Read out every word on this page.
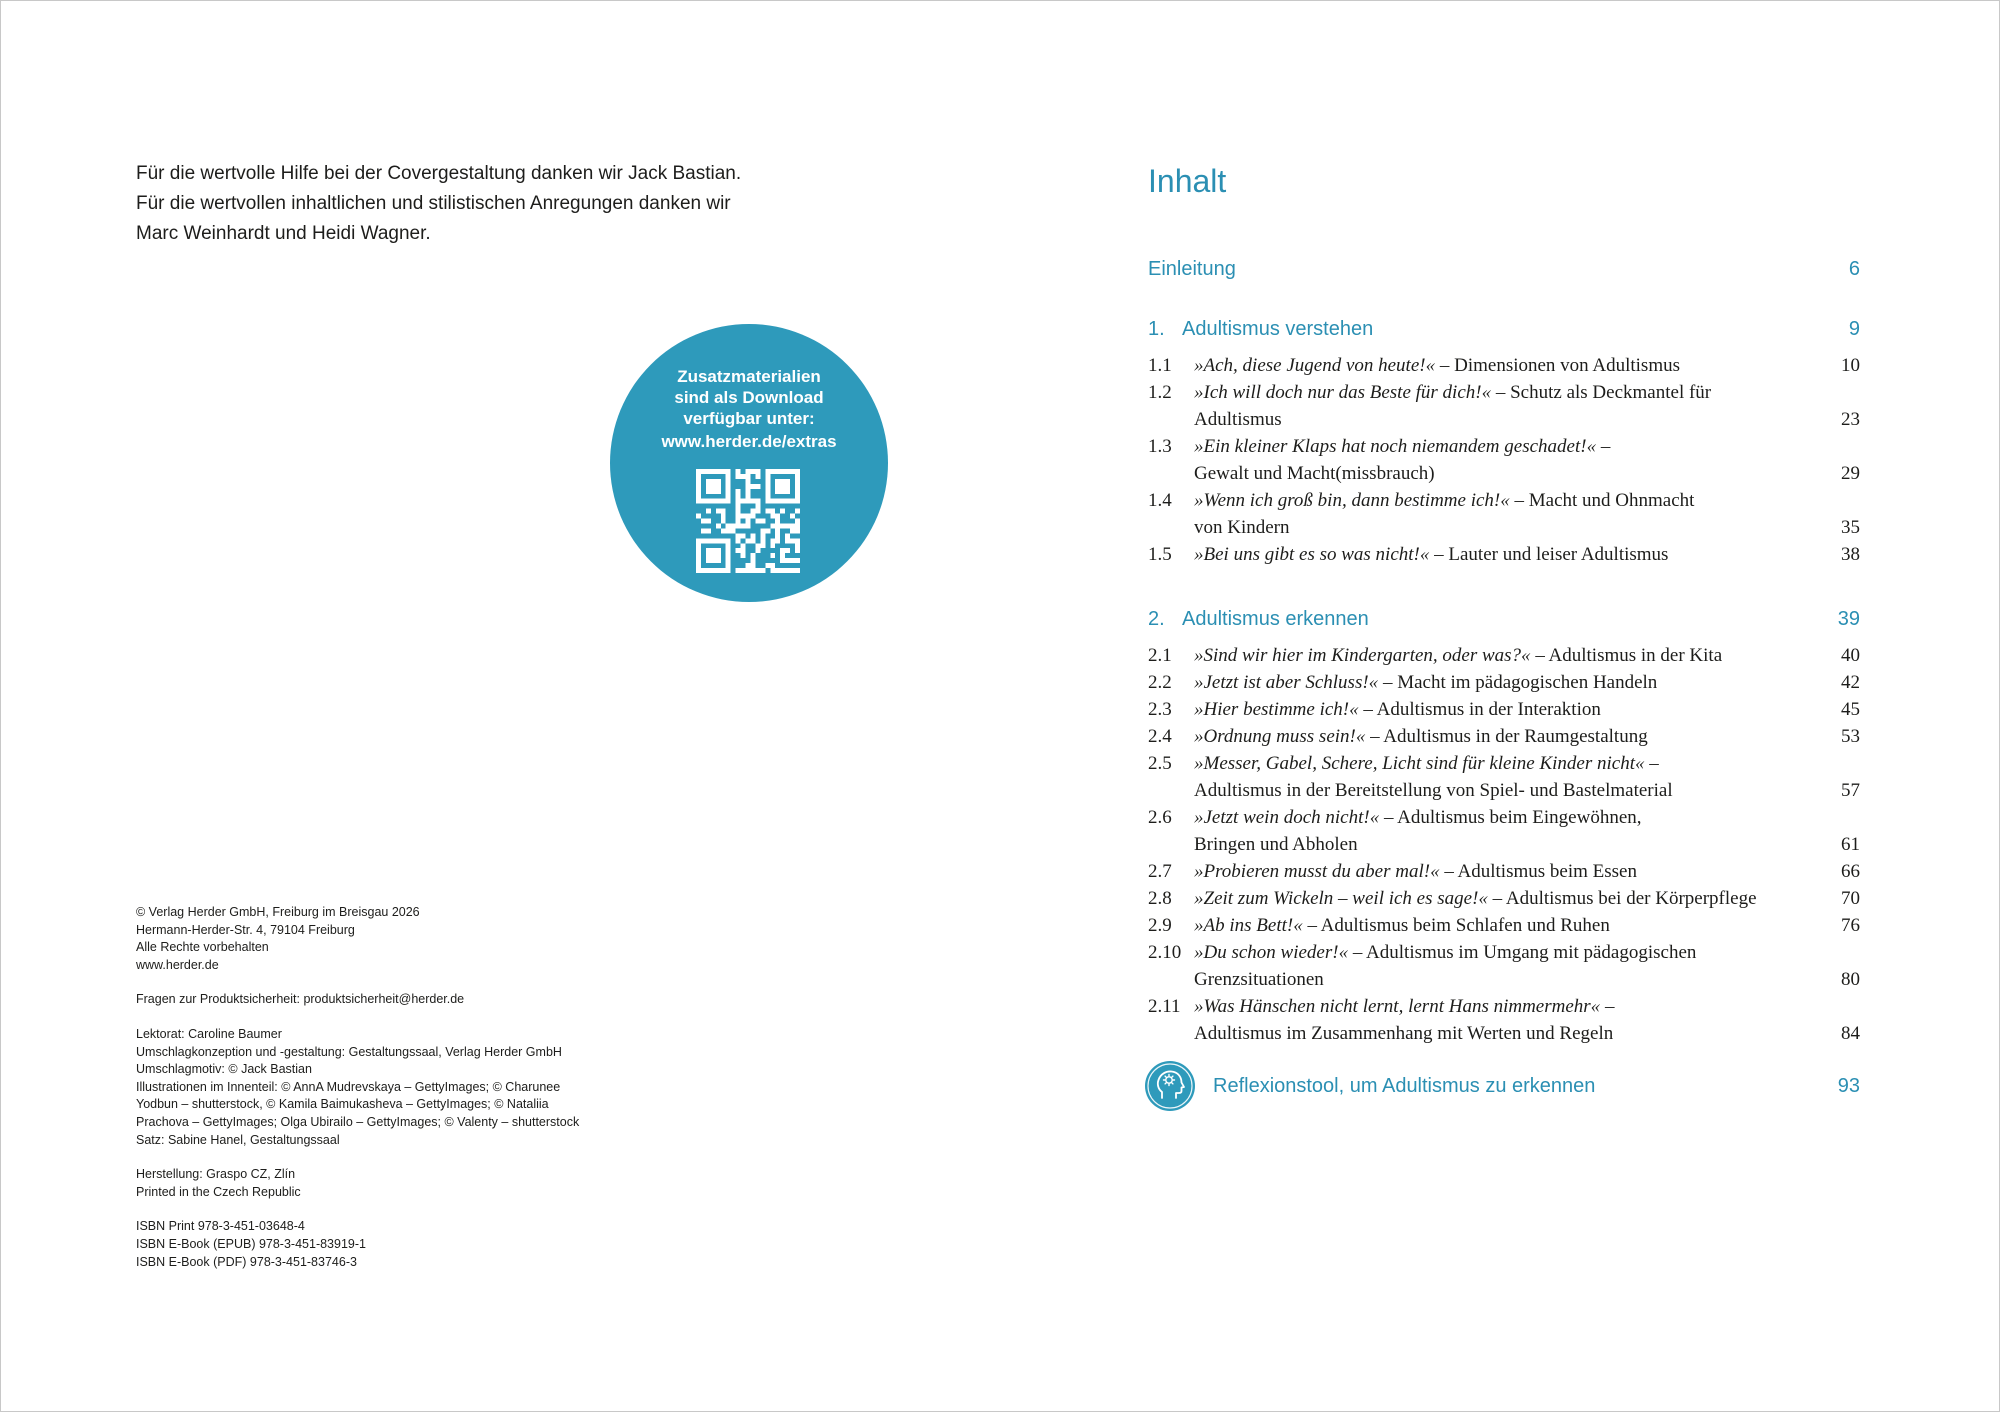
Für die wertvolle Hilfe bei der Covergestaltung danken wir Jack Bastian.

Für die wertvollen inhaltlichen und stilistischen Anregungen danken wir

Marc Weinhardt und Heidi Wagner.

Zusatzmaterialien
sind als Download
verfügbar unter:
www.herder.de/extras
© Verlag Herder GmbH, Freiburg im Breisgau 2026
Hermann-Herder-Str. 4, 79104 Freiburg
Alle Rechte vorbehalten
www.herder.de
Fragen zur Produktsicherheit: produktsicherheit@herder.de
Lektorat: Caroline Baumer
Umschlagkonzeption und -gestaltung: Gestaltungssaal, Verlag Herder GmbH
Umschlagmotiv: © Jack Bastian
Illustrationen im Innenteil: © AnnA Mudrevskaya – GettyImages; © Charunee
Yodbun – shutterstock, © Kamila Baimukasheva – GettyImages; © Nataliia
Prachova – GettyImages; Olga Ubirailo – GettyImages; © Valenty – shutterstock
Satz: Sabine Hanel, Gestaltungssaal
Herstellung: Graspo CZ, Zlín
Printed in the Czech Republic
ISBN Print 978-3-451-03648-4
ISBN E-Book (EPUB) 978-3-451-83919-1
ISBN E-Book (PDF) 978-3-451-83746-3
Inhalt
Einleitung	6
1. Adultismus verstehen	9
1.1 »Ach, diese Jugend von heute!« – Dimensionen von Adultismus	10
1.2 »Ich will doch nur das Beste für dich!« – Schutz als Deckmantel für
Adultismus	23
1.3 »Ein kleiner Klaps hat noch niemandem geschadet!« –
Gewalt und Macht(missbrauch)	29
1.4 »Wenn ich groß bin, dann bestimme ich!« – Macht und Ohnmacht
von Kindern	35
1.5 »Bei uns gibt es so was nicht!« – Lauter und leiser Adultismus	38
2. Adultismus erkennen	39
2.1 »Sind wir hier im Kindergarten, oder was?« – Adultismus in der Kita	40
2.2 »Jetzt ist aber Schluss!« – Macht im pädagogischen Handeln	42
2.3 »Hier bestimme ich!« – Adultismus in der Interaktion	45
2.4 »Ordnung muss sein!« – Adultismus in der Raumgestaltung	53
2.5 »Messer, Gabel, Schere, Licht sind für kleine Kinder nicht« –
Adultismus in der Bereitstellung von Spiel- und Bastelmaterial	57
2.6 »Jetzt wein doch nicht!« – Adultismus beim Eingewöhnen,
Bringen und Abholen	61
2.7 »Probieren musst du aber mal!« – Adultismus beim Essen	66
2.8 »Zeit zum Wickeln – weil ich es sage!« – Adultismus bei der Körperpflege	70
2.9 »Ab ins Bett!« – Adultismus beim Schlafen und Ruhen	76
2.10 »Du schon wieder!« – Adultismus im Umgang mit pädagogischen
Grenzsituationen	80
2.11 »Was Hänschen nicht lernt, lernt Hans nimmermehr« –
Adultismus im Zusammenhang mit Werten und Regeln	84
Reflexionstool, um Adultismus zu erkennen	93
